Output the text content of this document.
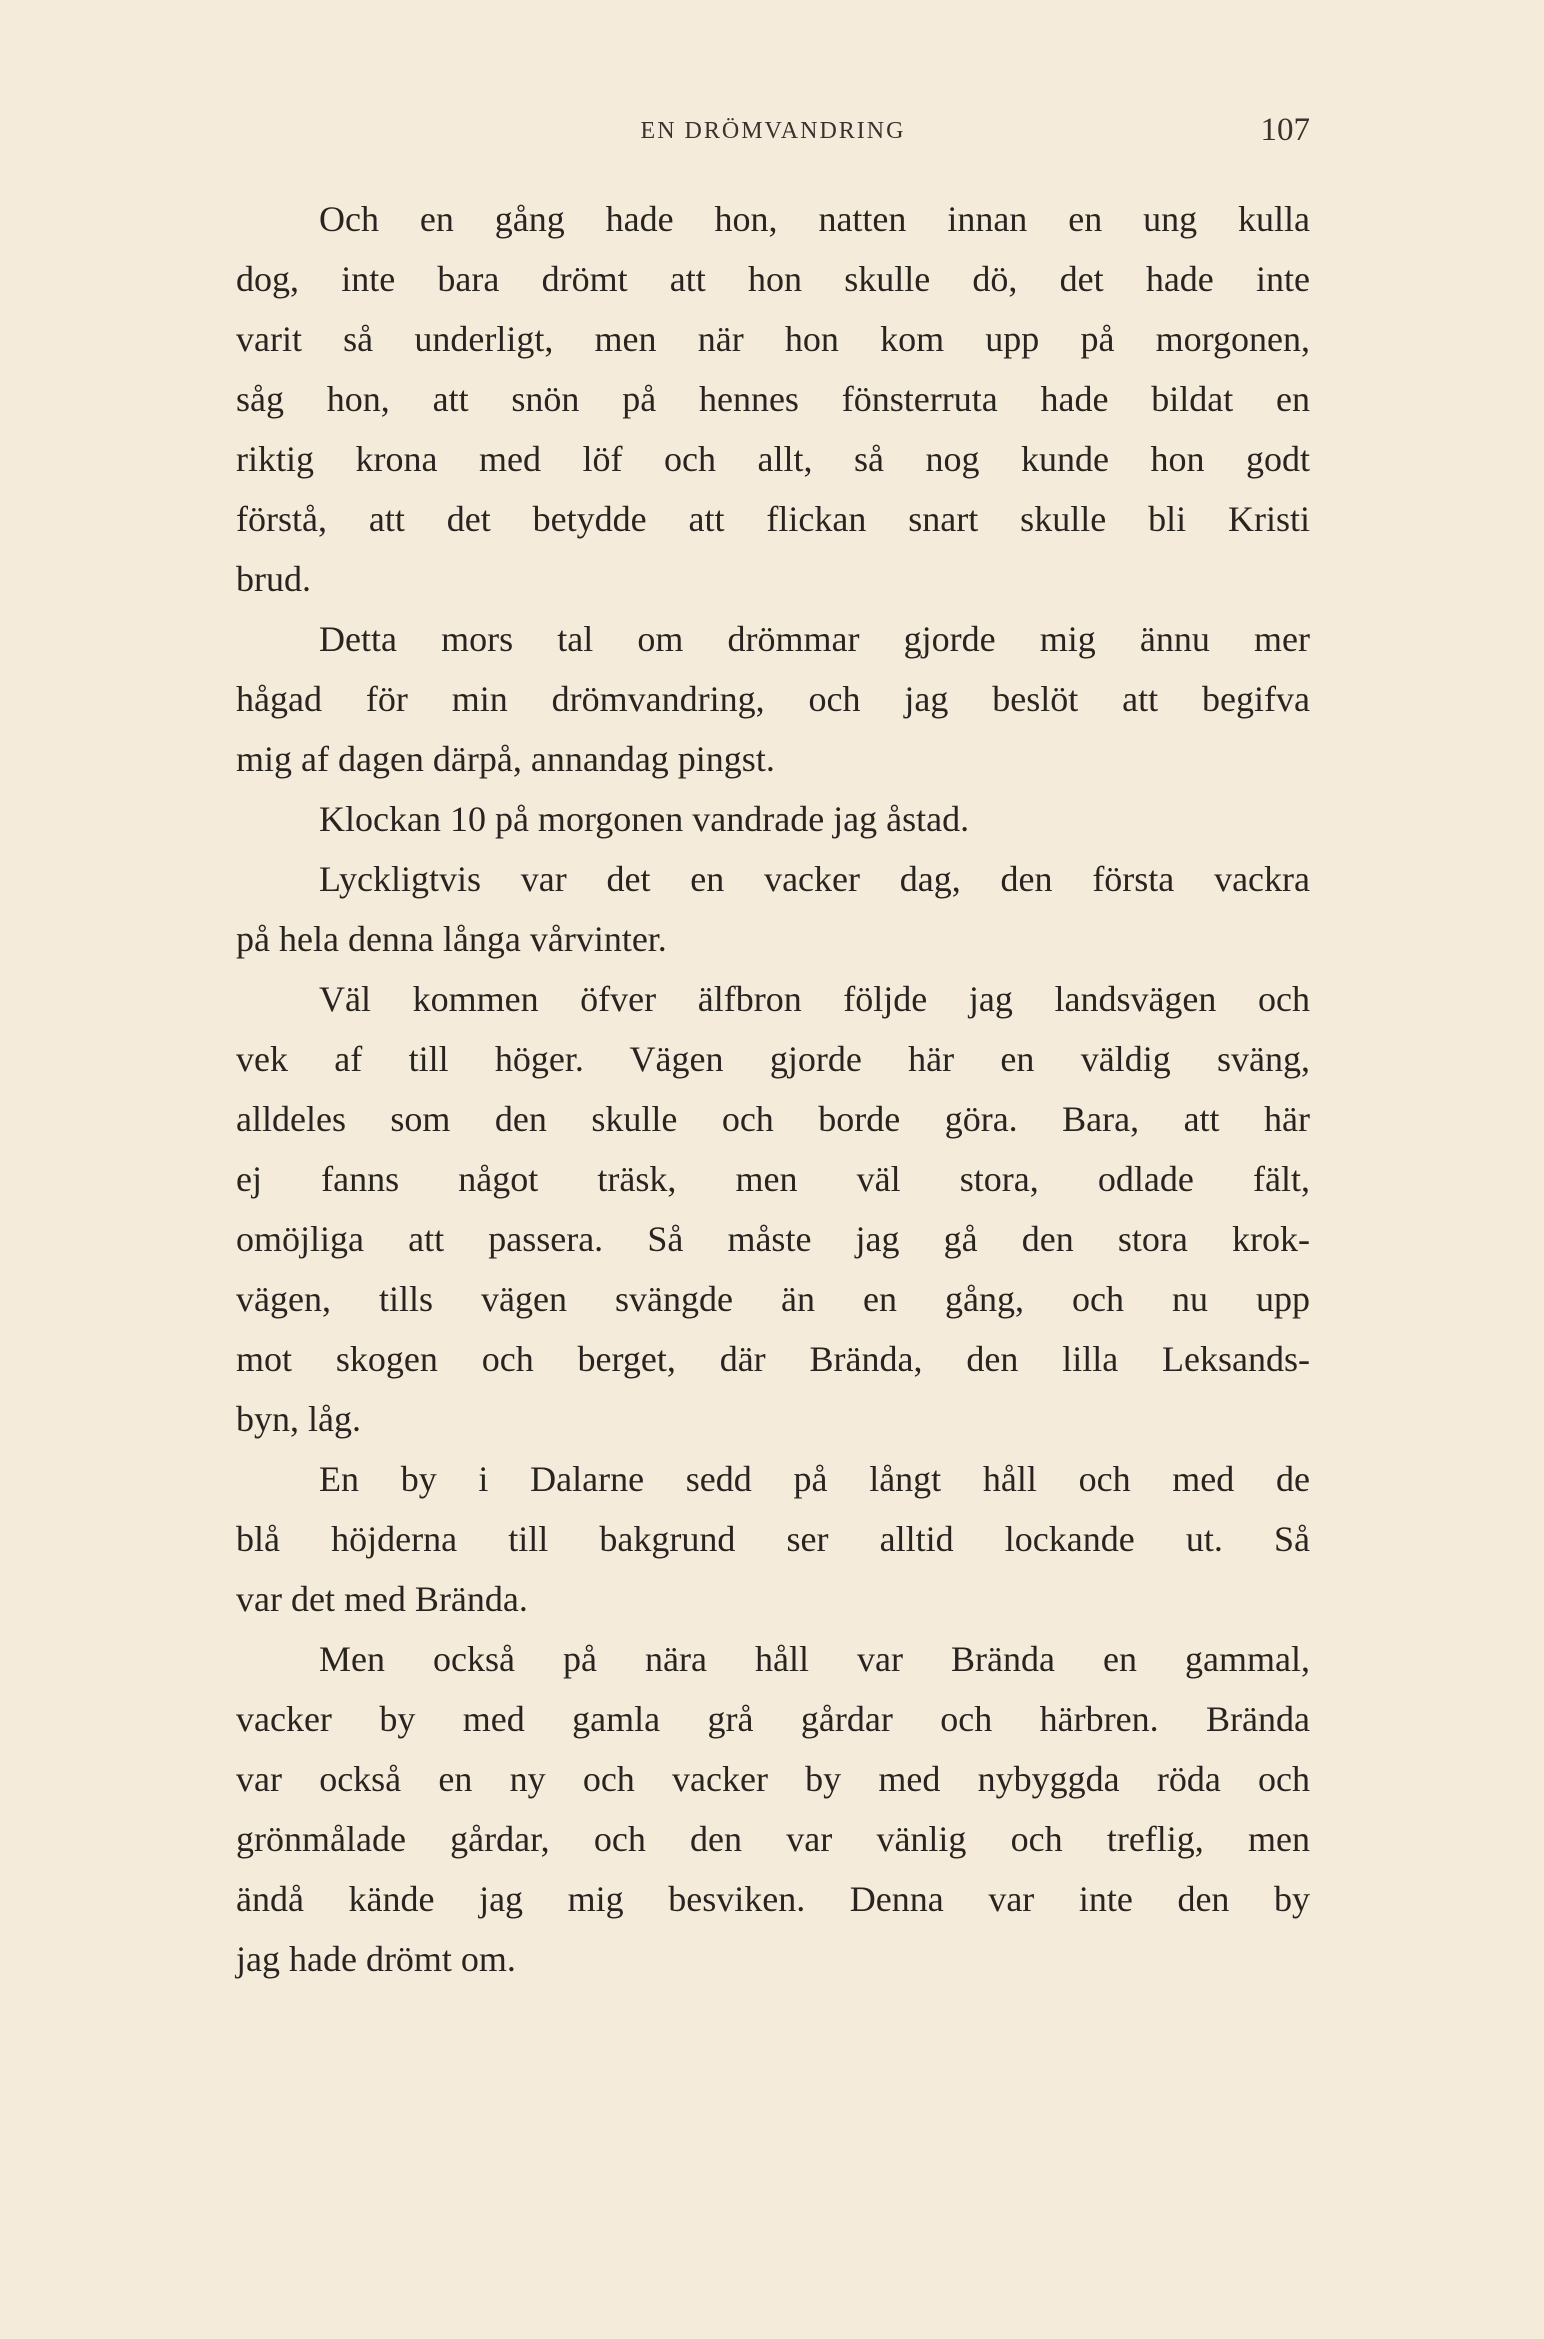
EN DRÖMVANDRING	107
Och en gång hade hon, natten innan en ung kulla
dog, inte bara drömt att hon skulle dö, det hade inte
varit så underligt, men när hon kom upp på morgonen,
såg hon, att snön på hennes fönsterruta hade bildat en
riktig krona med löf och allt, så nog kunde hon godt
förstå, att det betydde att flickan snart skulle bli Kristi
brud.
Detta mors tal om drömmar gjorde mig ännu mer
hågad för min drömvandring, och jag beslöt att begifva
mig af dagen därpå, annandag pingst.
Klockan 10 på morgonen vandrade jag åstad.
Lyckligtvis var det en vacker dag, den första vackra
på hela denna långa vårvinter.
Väl kommen öfver älfbron följde jag landsvägen och
vek af till höger. Vägen gjorde här en väldig sväng,
alldeles som den skulle och borde göra. Bara, att här
ej fanns något träsk, men väl stora, odlade fält,
omöjliga att passera. Så måste jag gå den stora krok-
vägen, tills vägen svängde än en gång, och nu upp
mot skogen och berget, där Brända, den lilla Leksands-
byn, låg.
En by i Dalarne sedd på långt håll och med de
blå höjderna till bakgrund ser alltid lockande ut. Så
var det med Brända.
Men också på nära håll var Brända en gammal,
vacker by med gamla grå gårdar och härbren. Brända
var också en ny och vacker by med nybyggda röda och
grönmålade gårdar, och den var vänlig och treflig, men
ändå kände jag mig besviken. Denna var inte den by
jag hade drömt om.
